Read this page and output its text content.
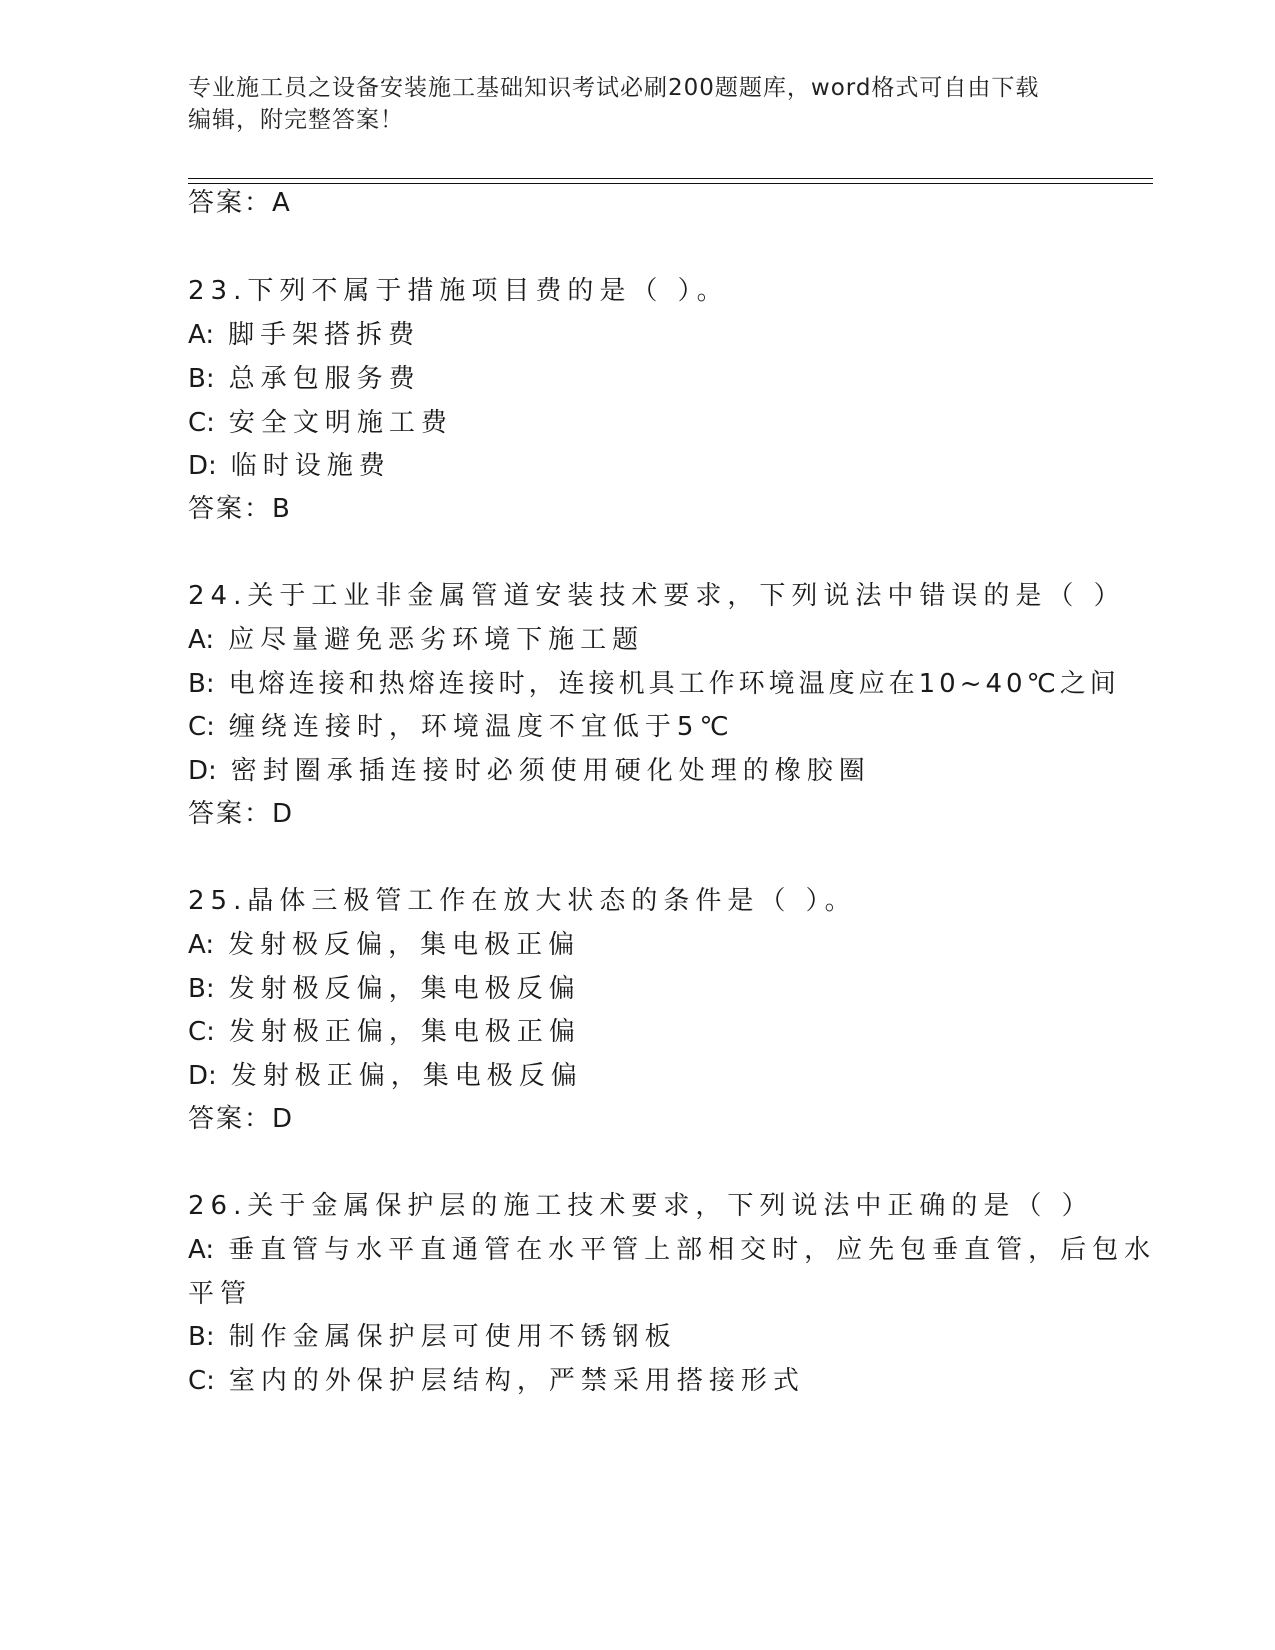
专业施工员之设备安装施工基础知识考试必刷200题题库，word格式可自由下载
编辑，附完整答案！
答案：A
23.下列不属于措施项目费的是（ ）。
A: 脚手架搭拆费
B: 总承包服务费
C: 安全文明施工费
D: 临时设施费
答案：B
24.关于工业非金属管道安装技术要求，下列说法中错误的是（ ）
A: 应尽量避免恶劣环境下施工题
B: 电熔连接和热熔连接时，连接机具工作环境温度应在10~40℃之间
C: 缠绕连接时，环境温度不宜低于5℃
D: 密封圈承插连接时必须使用硬化处理的橡胶圈
答案：D
25.晶体三极管工作在放大状态的条件是（ ）。
A: 发射极反偏，集电极正偏
B: 发射极反偏，集电极反偏
C: 发射极正偏，集电极正偏
D: 发射极正偏，集电极反偏
答案：D
26.关于金属保护层的施工技术要求，下列说法中正确的是（ ）
A: 垂直管与水平直通管在水平管上部相交时，应先包垂直管，后包水
平管
B: 制作金属保护层可使用不锈钢板
C: 室内的外保护层结构，严禁采用搭接形式
